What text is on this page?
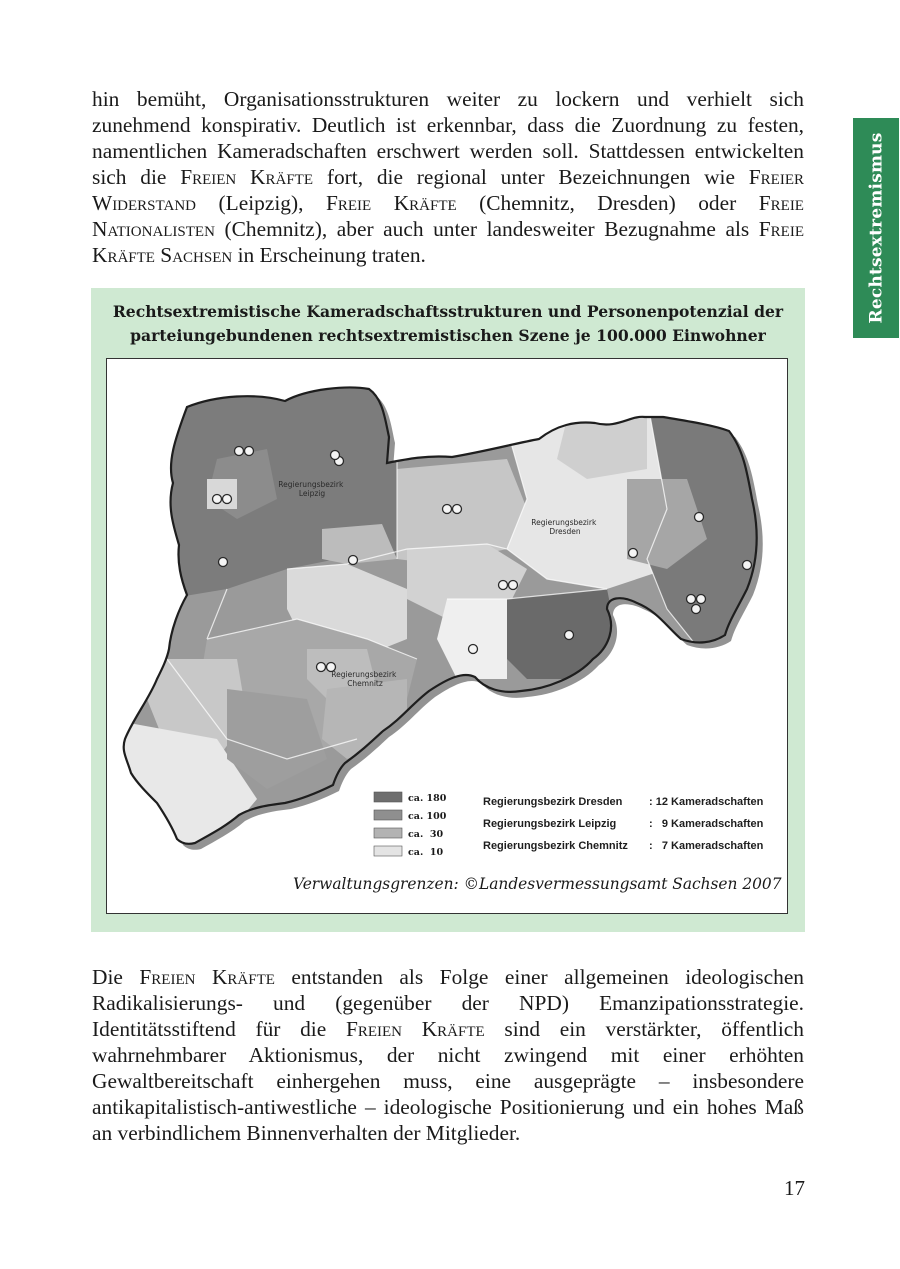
Rechtsextremismus

hin bemüht, Organisationsstrukturen weiter zu lockern und verhielt sich zunehmend konspirativ. Deutlich ist erkennbar, dass die Zuordnung zu festen, namentlichen Kameradschaften erschwert werden soll. Stattdessen entwickelten sich die Freien Kräfte fort, die regional unter Bezeichnungen wie Freier Widerstand (Leipzig), Freie Kräfte (Chemnitz, Dresden) oder Freie Nationalisten (Chemnitz), aber auch unter landesweiter Bezugnahme als Freie Kräfte Sachsen in Erscheinung traten.

Rechtsextremistische Kameradschaftsstrukturen und Personenpotenzial der
parteiungebundenen rechtsextremistischen Szene je 100.000 Einwohner

Regierungsbezirk Leipzig
Regierungsbezirk Dresden
Regierungsbezirk Chemnitz
ca. 180
ca. 100
ca.  30
ca.  10
Regierungsbezirk Dresden : 12 Kameradschaften
Regierungsbezirk Leipzig	:   9 Kameradschaften
Regierungsbezirk Chemnitz :   7 Kameradschaften

Verwaltungsgrenzen: ©Landesvermessungsamt Sachsen 2007

Die Freien Kräfte entstanden als Folge einer allgemeinen ideologischen Radikalisierungs- und (gegenüber der NPD) Emanzipationsstrategie. Identitätsstiftend für die Freien Kräfte sind ein verstärkter, öffentlich wahrnehmbarer Aktionismus, der nicht zwingend mit einer erhöhten Gewaltbereitschaft einhergehen muss, eine ausgeprägte – insbesondere antikapitalistisch-antiwestliche – ideologische Positionierung und ein hohes Maß an verbindlichem Binnenverhalten der Mitglieder.

17
